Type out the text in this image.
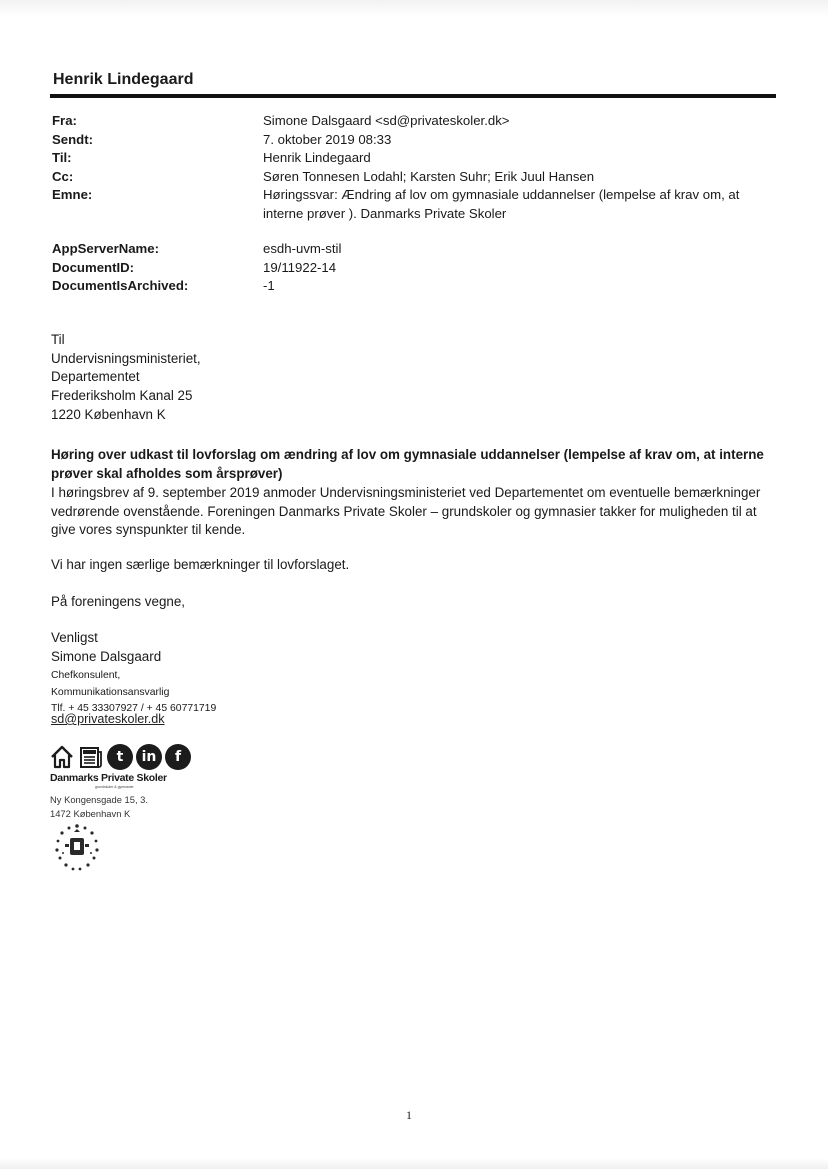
Henrik Lindegaard
Fra:	Simone Dalsgaard <sd@privateskoler.dk>
Sendt:	7. oktober 2019 08:33
Til:	Henrik Lindegaard
Cc:	Søren Tonnesen Lodahl; Karsten Suhr; Erik Juul Hansen
Emne:	Høringssvar: Ændring af lov om gymnasiale uddannelser (lempelse af krav om, at interne prøver ). Danmarks Private Skoler
AppServerName:	esdh-uvm-stil
DocumentID:	19/11922-14
DocumentIsArchived:	-1
Til
Undervisningsministeriet,
Departementet
Frederiksholm Kanal 25
1220 København K
Høring over udkast til lovforslag om ændring af lov om gymnasiale uddannelser (lempelse af krav om, at interne prøver skal afholdes som årsprøver)
I høringsbrev af 9. september 2019 anmoder Undervisningsministeriet ved Departementet om eventuelle bemærkninger vedrørende ovenstående. Foreningen Danmarks Private Skoler – grundskoler og gymnasier takker for muligheden til at give vores synspunkter til kende.
Vi har ingen særlige bemærkninger til lovforslaget.
På foreningens vegne,
Venligst
Simone Dalsgaard
Chefkonsulent,
Kommunikationsansvarlig
Tlf. + 45 33307927 / + 45 60771719
sd@privateskoler.dk
t	in	f
Danmarks Private Skoler
grundskoler & gymnasier
Ny Kongensgade 15, 3.
1472 København K
1
